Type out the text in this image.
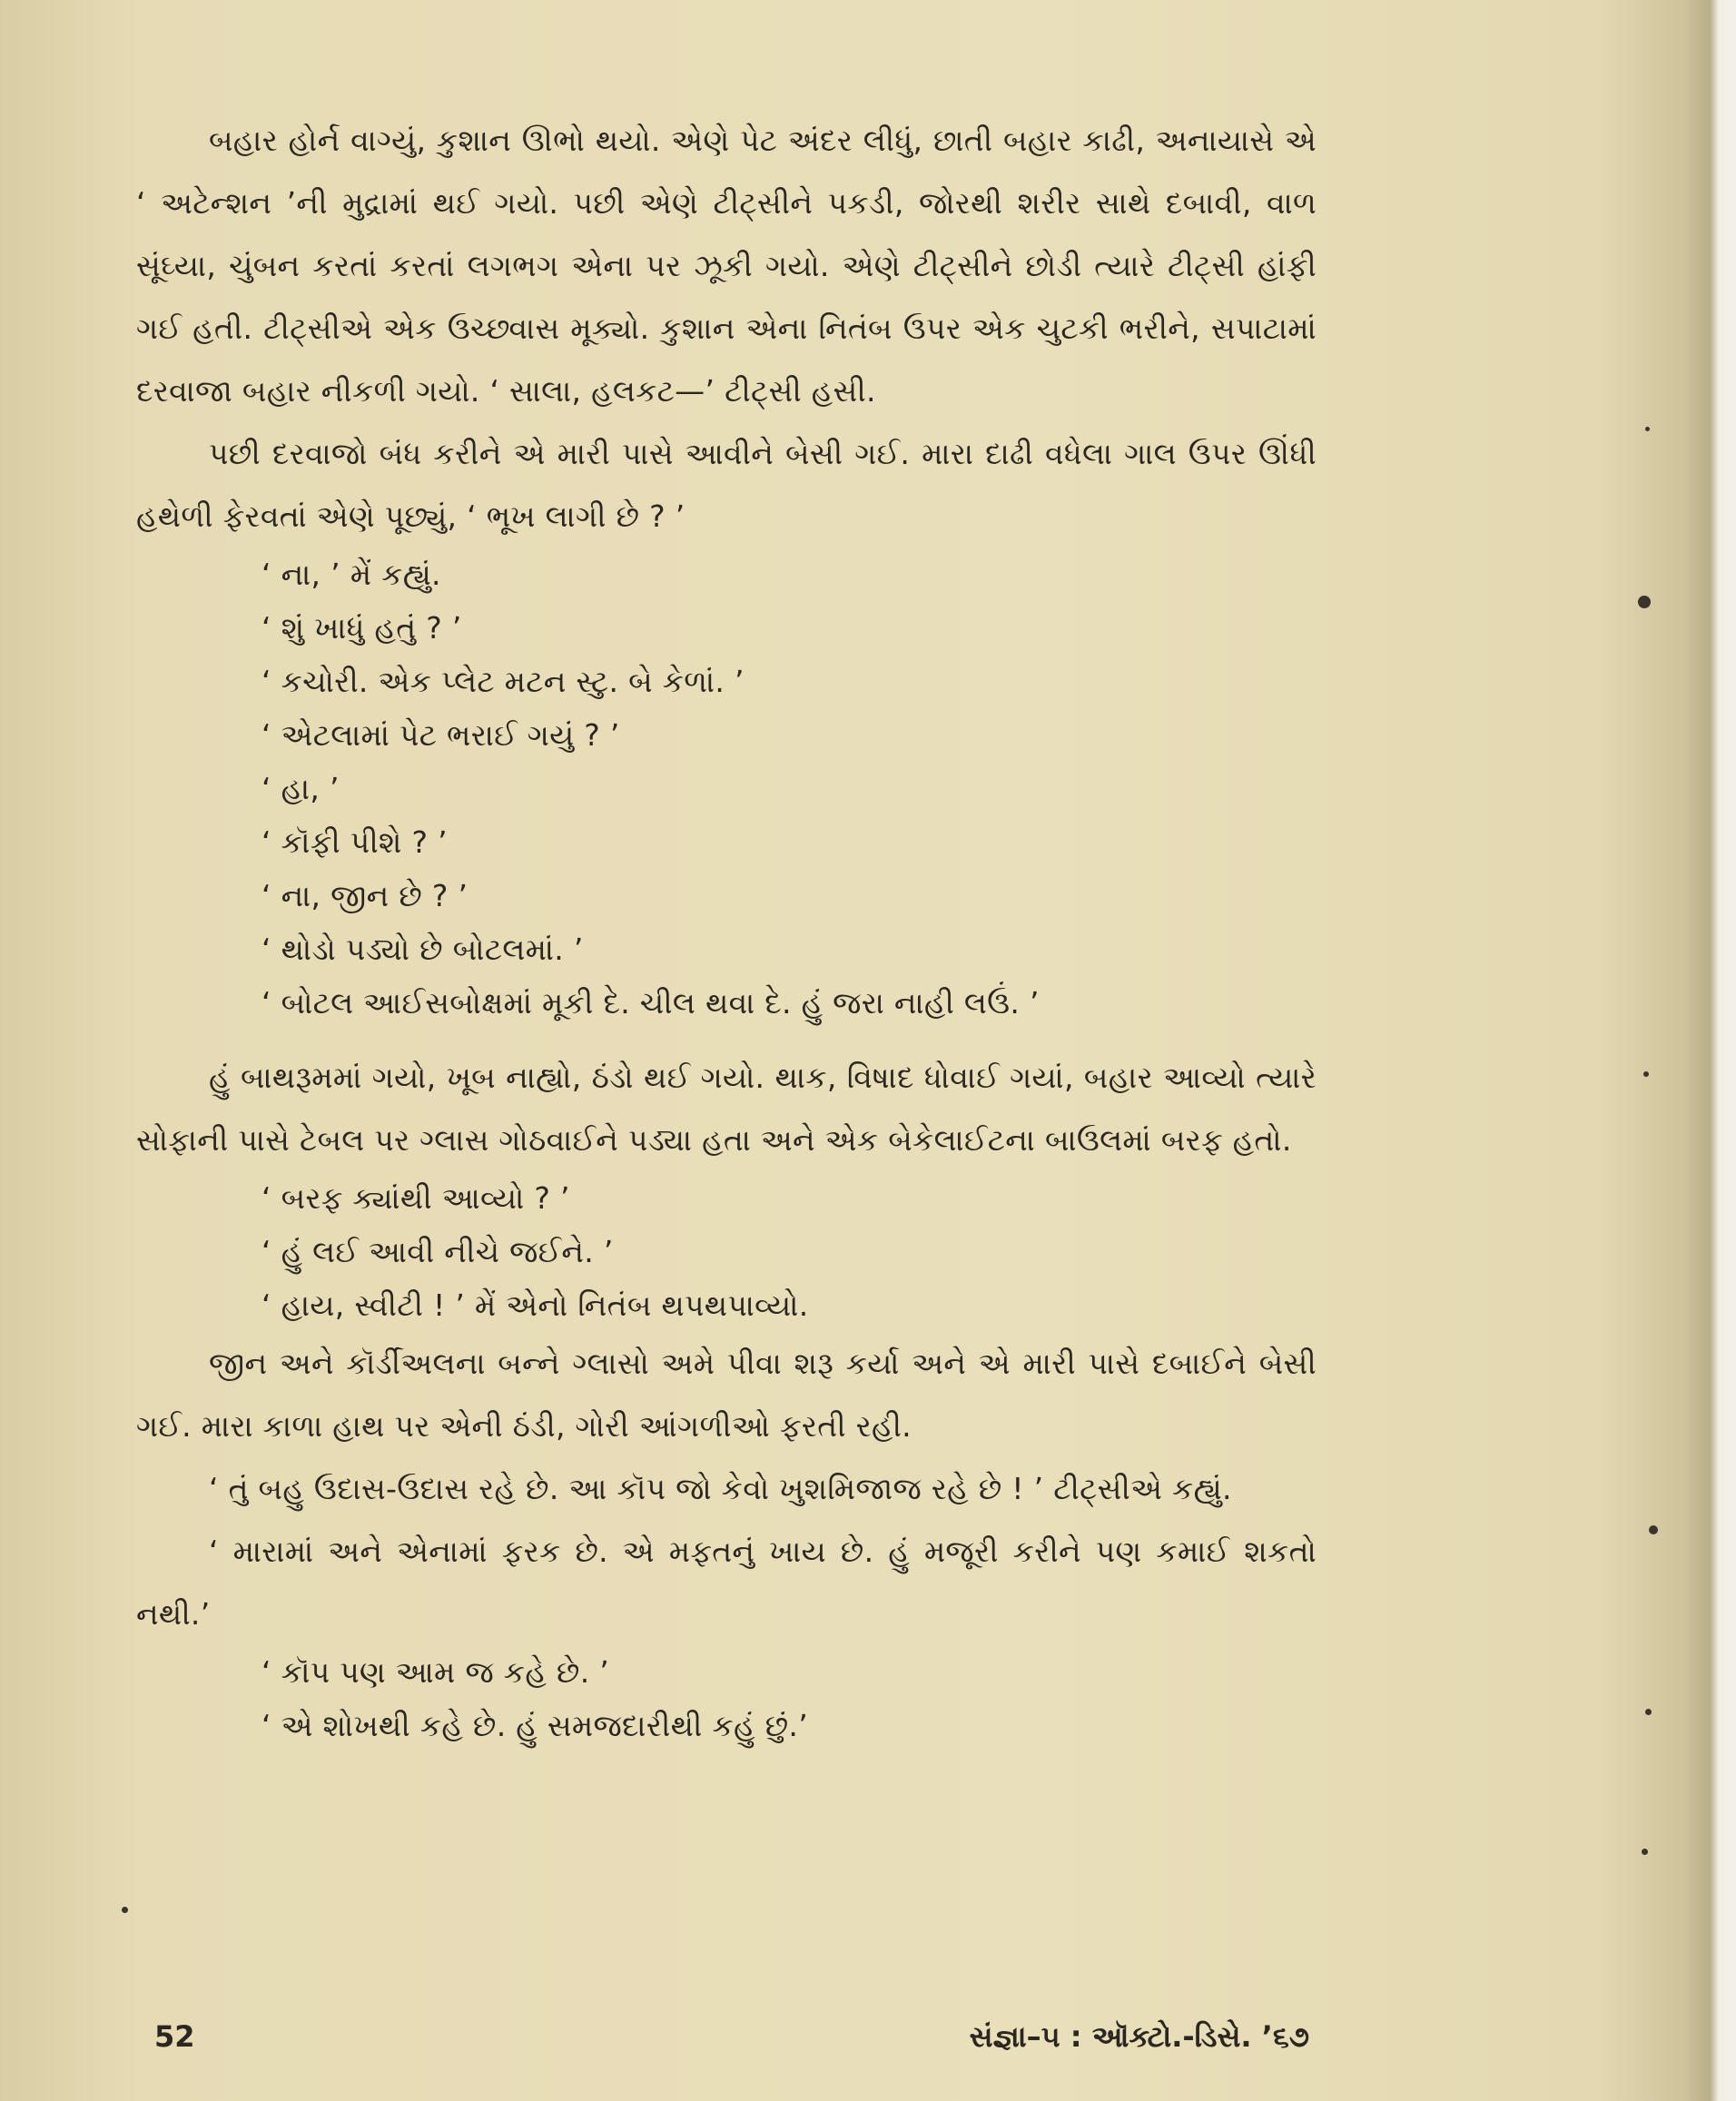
બહાર હોર્ન વાગ્યું, કુશાન ઊભો થયો. એણે પેટ અંદર લીધું, છાતી બહાર કાઢી, અનાયાસે એ ‘ અટેન્શન ’ની મુદ્રામાં થઈ ગયો. પછી એણે ટીટ્સીને પકડી, જોરથી શરીર સાથે દબાવી, વાળ સૂંઘ્યા, ચુંબન કરતાં કરતાં લગભગ એના પર ઝૂકી ગયો. એણે ટીટ્સીને છોડી ત્યારે ટીટ્સી હાંફી ગઈ હતી. ટીટ્સીએ એક ઉચ્છ્વાસ મૂક્યો. કુશાન એના નિતંબ ઉપર એક ચુટકી ભરીને, સપાટામાં દરવાજા બહાર નીકળી ગયો. ‘ સાલા, હલકટ—’ ટીટ્સી હસી.

પછી દરવાજો બંધ કરીને એ મારી પાસે આવીને બેસી ગઈ. મારા દાઢી વધેલા ગાલ ઉપર ઊંધી હથેળી ફેરવતાં એણે પૂછ્યું, ‘ ભૂખ લાગી છે ? ’

‘ ના, ’ મેં કહ્યું.

‘ શું ખાધું હતું ? ’

‘ કચોરી. એક પ્લેટ મટન સ્ટુ. બે કેળાં. ’

‘ એટલામાં પેટ ભરાઈ ગયું ? ’

‘ હા, ’

‘ કૉફી પીશે ? ’

‘ ના, જીન છે ? ’

‘ થોડો પડ્યો છે બોટલમાં. ’

‘ બોટલ આઈસબોક્ષમાં મૂકી દે. ચીલ થવા દે. હું જરા નાહી લઉં. ’

હું બાથરૂમમાં ગયો, ખૂબ નાહ્યો, ઠંડો થઈ ગયો. થાક, વિષાદ ધોવાઈ ગયાં, બહાર આવ્યો ત્યારે સોફાની પાસે ટેબલ પર ગ્લાસ ગોઠવાઈને પડ્યા હતા અને એક બેકેલાઈટના બાઉલમાં બરફ હતો.

‘ બરફ ક્યાંથી આવ્યો ? ’

‘ હું લઈ આવી નીચે જઈને. ’

‘ હાય, સ્વીટી ! ’ મેં એનો નિતંબ થપથપાવ્યો.

જીન અને કૉર્ડીઅલના બન્ને ગ્લાસો અમે પીવા શરૂ કર્યા અને એ મારી પાસે દબાઈને બેસી ગઈ. મારા કાળા હાથ પર એની ઠંડી, ગોરી આંગળીઓ ફરતી રહી.

‘ તું બહુ ઉદાસ-ઉદાસ રહે છે. આ કૉપ જો કેવો ખુશમિજાજ રહે છે ! ’ ટીટ્સીએ કહ્યું.

‘ મારામાં અને એનામાં ફરક છે. એ મફતનું ખાય છે. હું મજૂરી કરીને પણ કમાઈ શકતો નથી.’

‘ કૉપ પણ આમ જ કહે છે. ’

‘ એ શોખથી કહે છે. હું સમજદારીથી કહું છું.’

52	સંજ્ઞા–૫ : ઑક્ટો.-ડિસે. ’૬૭
